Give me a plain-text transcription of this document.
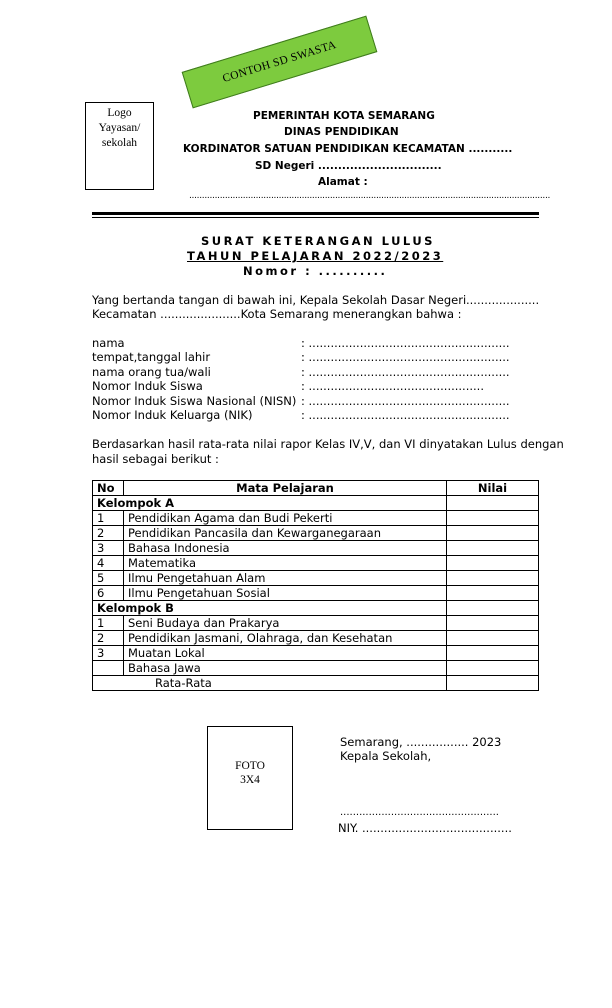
Logo
Yayasan/
sekolah
CONTOH SD SWASTA
PEMERINTAH KOTA SEMARANG
DINAS PENDIDIKAN
KORDINATOR SATUAN PENDIDIKAN KECAMATAN ...........
SD Negeri ...............................
Alamat :
.............................................................................................................................................
SURAT KETERANGAN LULUS
TAHUN PELAJARAN 2022/2023
Nomor : ..........
Yang bertanda tangan di bawah ini, Kepala Sekolah Dasar Negeri ....................
Kecamatan ......................Kota Semarang menerangkan bahwa :
nama	: .......................................................
tempat,tanggal lahir	: .......................................................
nama orang tua/wali	: .......................................................
Nomor Induk Siswa	: ................................................
Nomor Induk Siswa Nasional (NISN) : .......................................................
Nomor Induk Keluarga (NIK)	: .......................................................
Berdasarkan hasil rata-rata nilai rapor Kelas IV,V, dan VI dinyatakan Lulus dengan
hasil sebagai berikut :
No	Mata Pelajaran	Nilai
Kelompok A		
1	Pendidikan Agama dan Budi Pekerti	
2	Pendidikan Pancasila dan Kewarganegaraan	
3	Bahasa Indonesia	
4	Matematika	
5	Ilmu Pengetahuan Alam	
6	Ilmu Pengetahuan Sosial	
Kelompok B		
1	Seni Budaya dan Prakarya	
2	Pendidikan Jasmani, Olahraga, dan Kesehatan	
3	Muatan Lokal	
	Bahasa Jawa	
Rata-Rata		
FOTO
3X4
Semarang, ................. 2023
Kepala Sekolah,
..................................................
NIY. .........................................
